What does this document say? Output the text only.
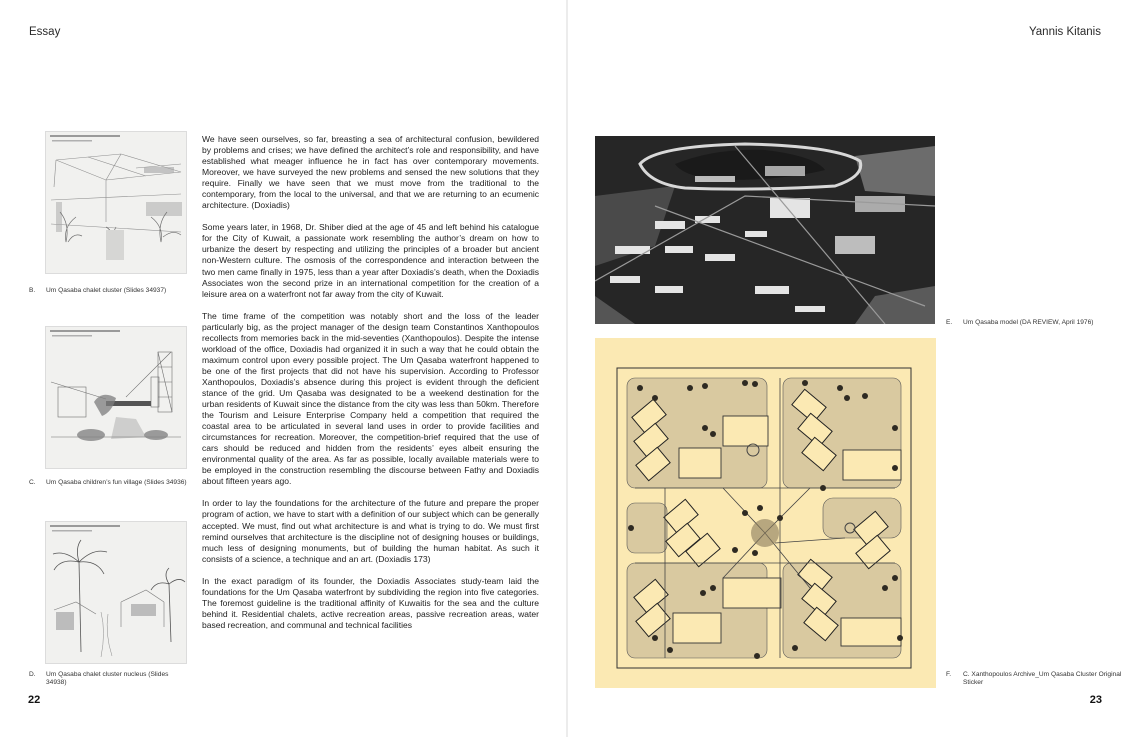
Essay
B. Um Qasaba chalet cluster (Slides 34937)
C. Um Qasaba children’s fun village (Slides 34936)
D. Um Qasaba chalet cluster nucleus (Slides 34938)

We have seen ourselves, so far, breasting a sea of architectural confusion, bewildered by problems and crises; we have defined the architect’s role and responsibility, and have established what meager influence he in fact has over contemporary movements. Moreover, we have surveyed the new problems and sensed the new solutions that they require. Finally we have seen that we must move from the traditional to the contemporary, from the local to the universal, and that we are returning to an ecumenic architecture. (Doxiadis)

Some years later, in 1968, Dr. Shiber died at the age of 45 and left behind his catalogue for the City of Kuwait, a passionate work resembling the author’s dream on how to urbanize the desert by respecting and utilizing the principles of a broader but ancient non-Western culture. The osmosis of the correspondence and interaction between the two men came finally in 1975, less than a year after Doxiadis’s death, when the Doxiadis Associates won the second prize in an international competition for the creation of a leisure area on a waterfront not far away from the city of Kuwait.

The time frame of the competition was notably short and the loss of the leader particularly big, as the project manager of the design team Constantinos Xanthopoulos recollects from memories back in the mid-seventies (Xanthopoulos). Despite the intense workload of the office, Doxiadis had organized it in such a way that he could obtain the maximum control upon every possible project. The Um Qasaba waterfront happened to be one of the first projects that did not have his supervision. According to Professor Xanthopoulos, Doxiadis’s absence during this project is evident through the deficient stance of the grid. Um Qasaba was designated to be a weekend destination for the urban residents of Kuwait since the distance from the city was less than 50km. Therefore the Tourism and Leisure Enterprise Company held a competition that required the coastal area to be articulated in several land uses in order to provide facilities and circumstances for recreation. Moreover, the competition-brief required that the use of cars should be reduced and hidden from the residents’ eyes albeit ensuring the environmental quality of the area. As far as possible, locally available materials were to be employed in the construction resembling the discourse between Fathy and Doxiadis about fifteen years ago.

In order to lay the foundations for the architecture of the future and prepare the proper program of action, we have to start with a definition of our subject which can be generally accepted. We must, find out what architecture is and what is trying to do. We must first remind ourselves that architecture is the discipline not of designing houses or buildings, much less of designing monuments, but of building the human habitat. As such it consists of a science, a technique and an art. (Doxiadis 173)

In the exact paradigm of its founder, the Doxiadis Associates study-team laid the foundations for the Um Qasaba waterfront by subdividing the region into five categories. The foremost guideline is the traditional affinity of Kuwaitis for the sea and the culture behind it. Residential chalets, active recreation areas, passive recreation areas, water based recreation, and communal and technical facilities

22
Yannis Kitanis
E. Um Qasaba model (DA REVIEW, April 1976)
F. C. Xanthopoulos Archive_Um Qasaba Cluster Original Sticker
23
